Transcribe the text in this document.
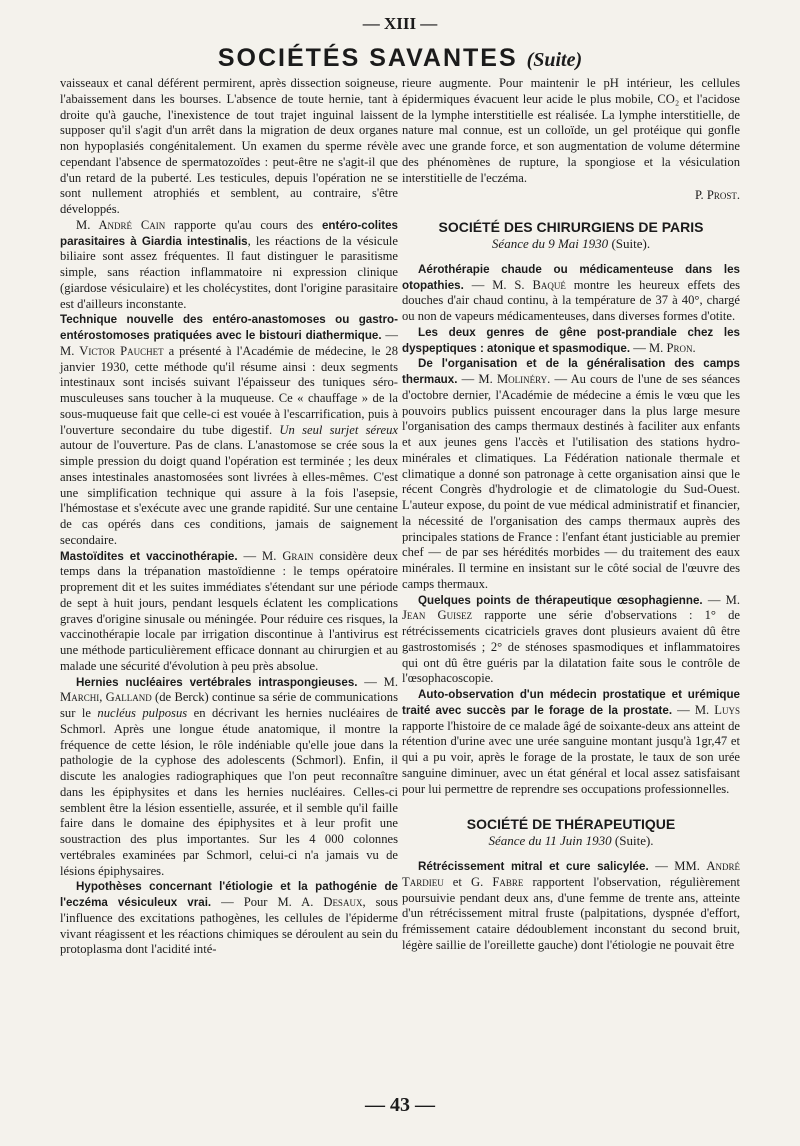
— XIII —
SOCIÉTÉS SAVANTES (Suite)

vaisseaux et canal déférent permirent, après dissection soigneuse, l'abaissement dans les bourses. L'absence de toute hernie, tant à droite qu'à gauche, l'inexistence de tout trajet inguinal laissent supposer qu'il s'agit d'un arrêt dans la migration de deux organes non hypoplasiés congénitalement. Un examen du sperme révèle cependant l'absence de spermatozoïdes : peut-être ne s'agit-il que d'un retard de la puberté. Les testicules, depuis l'opération ne se sont nullement atrophiés et semblent, au contraire, s'être développés.

M. André Cain rapporte qu'au cours des entéro-colites parasitaires à Giardia intestinalis, les réactions de la vésicule biliaire sont assez fréquentes. Il faut distinguer le parasitisme simple, sans réaction inflammatoire ni expression clinique (giardose vésiculaire) et les cholécystites, dont l'origine parasitaire est d'ailleurs inconstante.

Technique nouvelle des entéro-anastomoses ou gastro-entérostomoses pratiquées avec le bistouri diathermique. — M. Victor Pauchet a présenté à l'Académie de médecine, le 28 janvier 1930, cette méthode qu'il résume ainsi : deux segments intestinaux sont incisés suivant l'épaisseur des tuniques séro-musculeuses sans toucher à la muqueuse. Ce « chauffage » de la sous-muqueuse fait que celle-ci est vouée à l'escarrification, puis à l'ouverture secondaire du tube digestif. Un seul surjet séreux autour de l'ouverture. Pas de clans. L'anastomose se crée sous la simple pression du doigt quand l'opération est terminée ; les deux anses intestinales anastomosées sont livrées à elles-mêmes. C'est une simplification technique qui assure à la fois l'asepsie, l'hémostase et s'exécute avec une grande rapidité. Sur une centaine de cas opérés dans ces conditions, jamais de saignement secondaire.

Mastoïdites et vaccinothérapie. — M. Grain considère deux temps dans la trépanation mastoïdienne : le temps opératoire proprement dit et les suites immédiates s'étendant sur une période de sept à huit jours, pendant lesquels éclatent les complications graves d'origine sinusale ou méningée. Pour réduire ces risques, la vaccinothérapie locale par irrigation discontinue à l'antivirus est une méthode particulièrement efficace donnant au chirurgien et au malade une sécurité d'évolution à peu près absolue.

Hernies nucléaires vertébrales intraspongieuses. — M. Marchi, Galland (de Berck) continue sa série de communications sur le nucléus pulposus en décrivant les hernies nucléaires de Schmorl. Après une longue étude anatomique, il montre la fréquence de cette lésion, le rôle indéniable qu'elle joue dans la pathologie de la cyphose des adolescents (Schmorl). Enfin, il discute les analogies radiographiques que l'on peut reconnaître dans les épiphysites et dans les hernies nucléaires. Celles-ci semblent être la lésion essentielle, assurée, et il semble qu'il faille faire dans le domaine des épiphysites et à leur profit une soustraction des plus importantes. Sur les 4 000 colonnes vertébrales examinées par Schmorl, celui-ci n'a jamais vu de lésions épiphysaires.

Hypothèses concernant l'étiologie et la pathogénie de l'eczéma vésiculeux vrai. — Pour M. A. Desaux, sous l'influence des excitations pathogènes, les cellules de l'épiderme vivant réagissent et les réactions chimiques se déroulent au sein du protoplasma dont l'acidité inté-

rieure augmente. Pour maintenir le pH intérieur, les cellules épidermiques évacuent leur acide le plus mobile, CO₂ et l'acidose de la lymphe interstitielle est réalisée. La lymphe interstitielle, de nature mal connue, est un colloïde, un gel protéique qui gonfle avec une grande force, et son augmentation de volume détermine des phénomènes de rupture, la spongiose et la vésiculation interstitielle de l'eczéma.

P. Prost.

SOCIÉTÉ DES CHIRURGIENS DE PARIS

Séance du 9 Mai 1930 (Suite).

Aérothérapie chaude ou médicamenteuse dans les otopathies. — M. S. Baqué montre les heureux effets des douches d'air chaud continu, à la température de 37 à 40°, chargé ou non de vapeurs médicamenteuses, dans diverses formes d'otite.

Les deux genres de gêne post-prandiale chez les dyspeptiques : atonique et spasmodique. — M. Pron.

De l'organisation et de la généralisation des camps thermaux. — M. Molinéry. — Au cours de l'une de ses séances d'octobre dernier, l'Académie de médecine a émis le vœu que les pouvoirs publics puissent encourager dans la plus large mesure l'organisation des camps thermaux destinés à faciliter aux enfants et aux jeunes gens l'accès et l'utilisation des stations hydro-minérales et climatiques. La Fédération nationale thermale et climatique a donné son patronage à cette organisation ainsi que le récent Congrès d'hydrologie et de climatologie du Sud-Ouest. L'auteur expose, du point de vue médical administratif et financier, la nécessité de l'organisation des camps thermaux auprès des principales stations de France : l'enfant étant justiciable au premier chef — de par ses hérédités morbides — du traitement des eaux minérales. Il termine en insistant sur le côté social de l'œuvre des camps thermaux.

Quelques points de thérapeutique œsophagienne. — M. Jean Guisez rapporte une série d'observations : 1° de rétrécissements cicatriciels graves dont plusieurs avaient dû être gastrostomisés ; 2° de sténoses spasmodiques et inflammatoires qui ont dû être guéris par la dilatation faite sous le contrôle de l'œsophacoscopie.

Auto-observation d'un médecin prostatique et urémique traité avec succès par le forage de la prostate. — M. Luys rapporte l'histoire de ce malade âgé de soixante-deux ans atteint de rétention d'urine avec une urée sanguine montant jusqu'à 1gr,47 et qui a pu voir, après le forage de la prostate, le taux de son urée sanguine diminuer, avec un état général et local assez satisfaisant pour lui permettre de reprendre ses occupations professionnelles.

SOCIÉTÉ DE THÉRAPEUTIQUE

Séance du 11 Juin 1930 (Suite).

Rétrécissement mitral et cure salicylée. — MM. André Tardieu et G. Fabre rapportent l'observation, régulièrement poursuivie pendant deux ans, d'une femme de trente ans, atteinte d'un rétrécissement mitral fruste (palpitations, dyspnée d'effort, frémissement cataire dédoublement inconstant du second bruit, légère saillie de l'oreillette gauche) dont l'étiologie ne pouvait être

— 43 —
